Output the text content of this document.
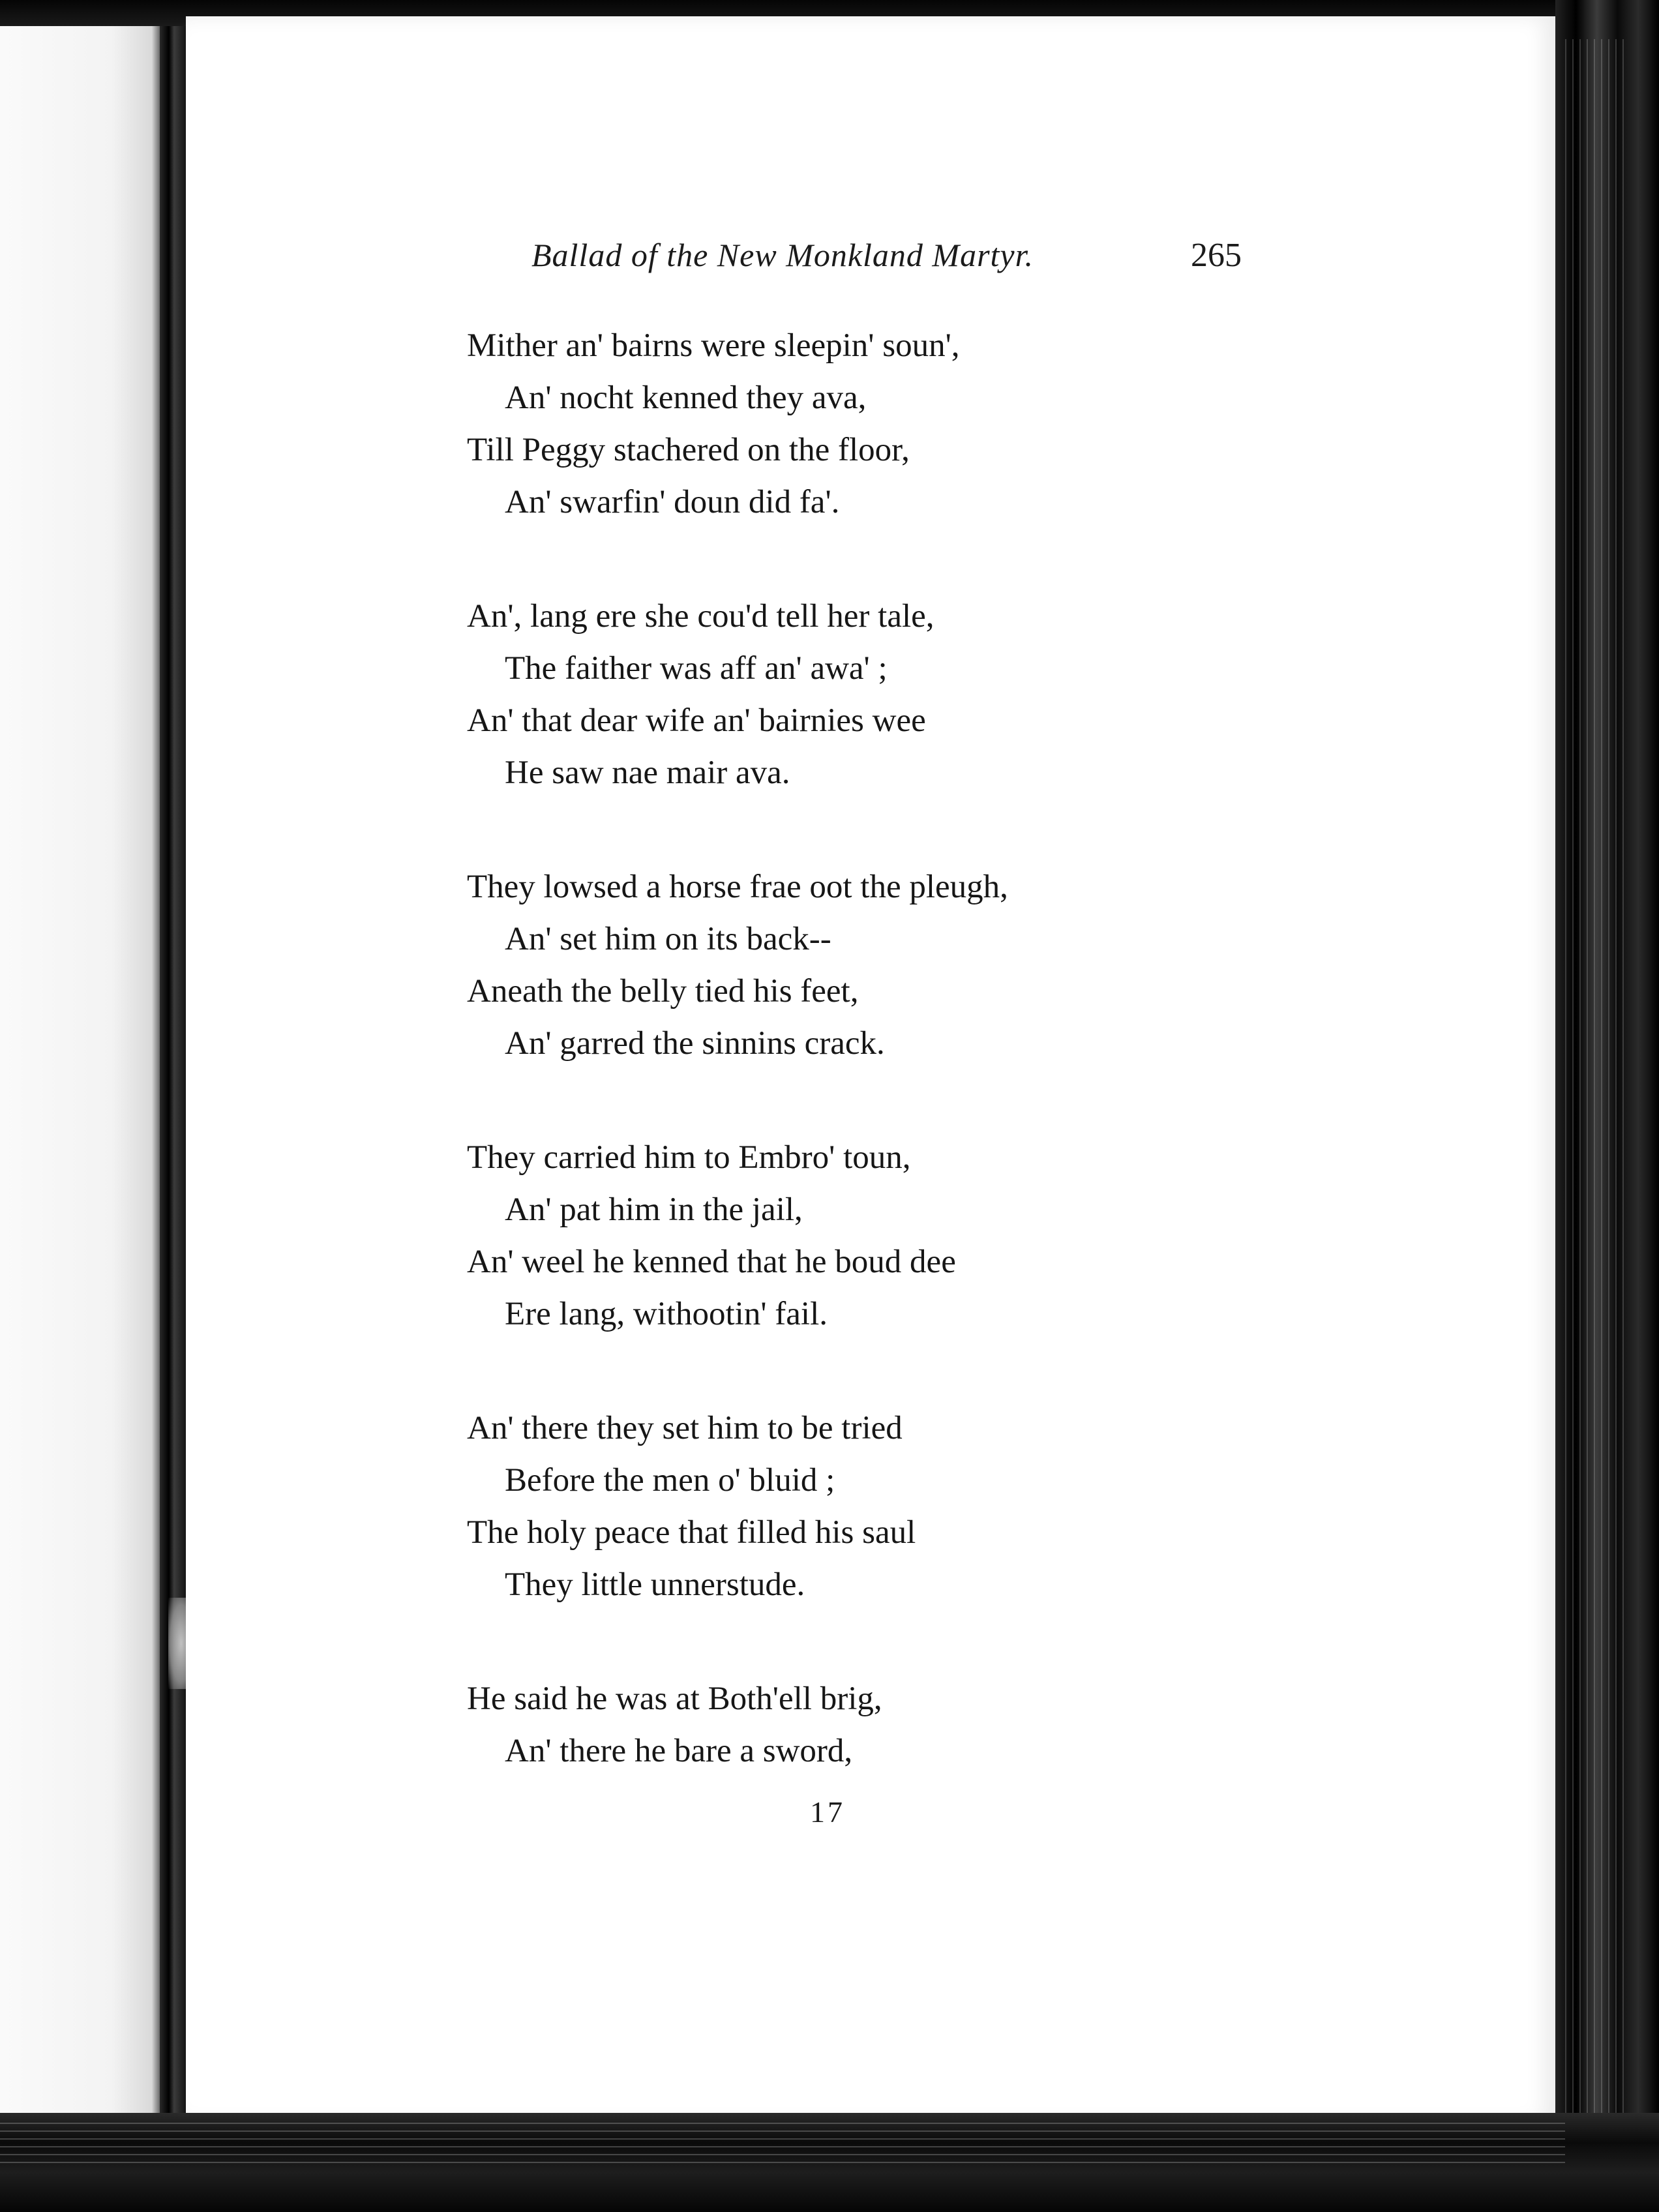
Ballad of the New Monkland Martyr.	265
Mither an' bairns were sleepin' soun',
An' nocht kenned they ava,
Till Peggy stachered on the floor,
An' swarfin' doun did fa'.
An', lang ere she cou'd tell her tale,
The faither was aff an' awa' ;
An' that dear wife an' bairnies wee
He saw nae mair ava.
They lowsed a horse frae oot the pleugh,
An' set him on its back--
Aneath the belly tied his feet,
An' garred the sinnins crack.
They carried him to Embro' toun,
An' pat him in the jail,
An' weel he kenned that he boud dee
Ere lang, withootin' fail.
An' there they set him to be tried
Before the men o' bluid ;
The holy peace that filled his saul
They little unnerstude.
He said he was at Both'ell brig,
An' there he bare a sword,
17
